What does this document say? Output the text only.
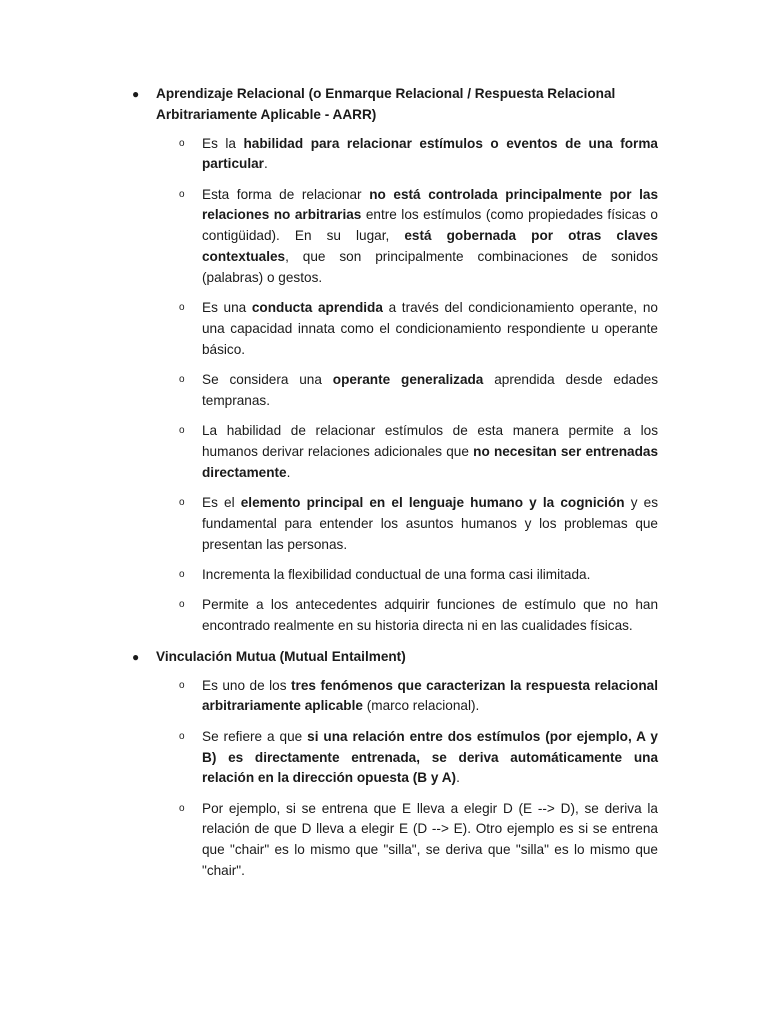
● Aprendizaje Relacional (o Enmarque Relacional / Respuesta Relacional Arbitrariamente Aplicable - AARR)
o Es la habilidad para relacionar estímulos o eventos de una forma particular.
o Esta forma de relacionar no está controlada principalmente por las relaciones no arbitrarias entre los estímulos (como propiedades físicas o contigüidad). En su lugar, está gobernada por otras claves contextuales, que son principalmente combinaciones de sonidos (palabras) o gestos.
o Es una conducta aprendida a través del condicionamiento operante, no una capacidad innata como el condicionamiento respondiente u operante básico.
o Se considera una operante generalizada aprendida desde edades tempranas.
o La habilidad de relacionar estímulos de esta manera permite a los humanos derivar relaciones adicionales que no necesitan ser entrenadas directamente.
o Es el elemento principal en el lenguaje humano y la cognición y es fundamental para entender los asuntos humanos y los problemas que presentan las personas.
o Incrementa la flexibilidad conductual de una forma casi ilimitada.
o Permite a los antecedentes adquirir funciones de estímulo que no han encontrado realmente en su historia directa ni en las cualidades físicas.
● Vinculación Mutua (Mutual Entailment)
o Es uno de los tres fenómenos que caracterizan la respuesta relacional arbitrariamente aplicable (marco relacional).
o Se refiere a que si una relación entre dos estímulos (por ejemplo, A y B) es directamente entrenada, se deriva automáticamente una relación en la dirección opuesta (B y A).
o Por ejemplo, si se entrena que E lleva a elegir D (E --> D), se deriva la relación de que D lleva a elegir E (D --> E). Otro ejemplo es si se entrena que "chair" es lo mismo que "silla", se deriva que "silla" es lo mismo que "chair".
